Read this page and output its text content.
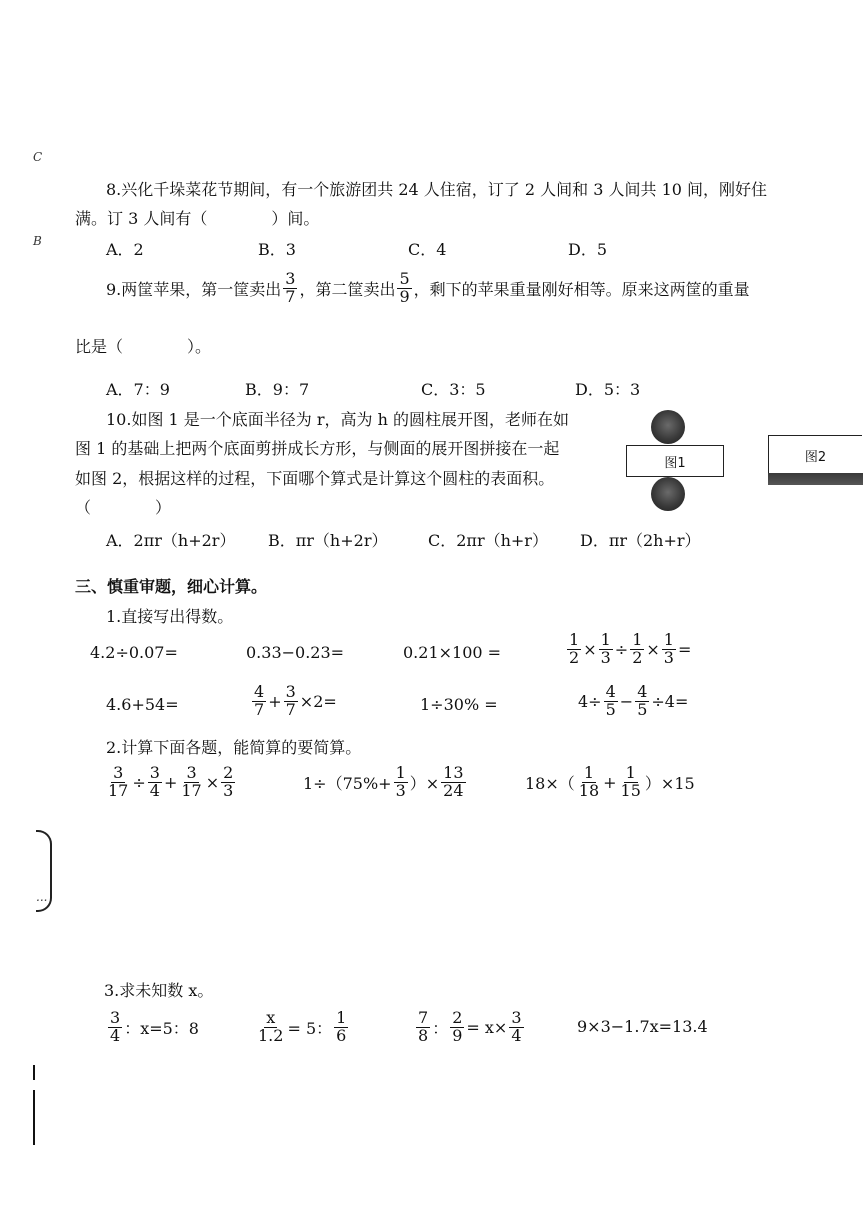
C
B
...
8.兴化千垛菜花节期间，有一个旅游团共 24 人住宿，订了 2 人间和 3 人间共 10 间，刚好住
满。订 3 人间有（　　　　）间。
A．2	B．3	C．4	D．5
9.两筐苹果，第一筐卖出 $\frac{3}{7}$ ，第二筐卖出 $\frac{5}{9}$ ，剩下的苹果重量刚好相等。原来这两筐的重量
比是（　　　　）。
A．7：9	B．9：7	C．3：5	D．5：3
10.如图 1 是一个底面半径为 r，高为 h 的圆柱展开图，老师在如
图 1 的基础上把两个底面剪拼成长方形，与侧面的展开图拼接在一起
如图 2，根据这样的过程，下面哪个算式是计算这个圆柱的表面积。
（　　　　）
图1	图2
A．2πr（h+2r） B．πr（h+2r）	C．2πr（h+r） D．πr（2h+r）
三、慎重审题，细心计算。
1.直接写出得数。
4.2÷0.07=	0.33−0.23=	0.21×100 =	$\frac{1}{2} \times \frac{1}{3} \div \frac{1}{2} \times \frac{1}{3}$ =
4.6+54=	$\frac{4}{7} + \frac{3}{7} \times 2=$	1÷30% =	$4\div \frac{4}{5} - \frac{4}{5} \div 4=$
2.计算下面各题，能简算的要简算。
$\frac{3}{17} \div \frac{3}{4} + \frac{3}{17} \times \frac{2}{3}$	$1\div(75\%+ \frac{1}{3}$ ）× $\frac{13}{24}$	$18\times( \frac{1}{18} + \frac{1}{15} )\times 15$
3.求未知数 x。
$\frac{3}{4}$ ：x=5：8	$\frac{x}{1.2} = 5$： $\frac{1}{6}$	$\frac{7}{8}$ ： $\frac{2}{9} = x\times \frac{3}{4}$	9×3−1.7x=13.4
